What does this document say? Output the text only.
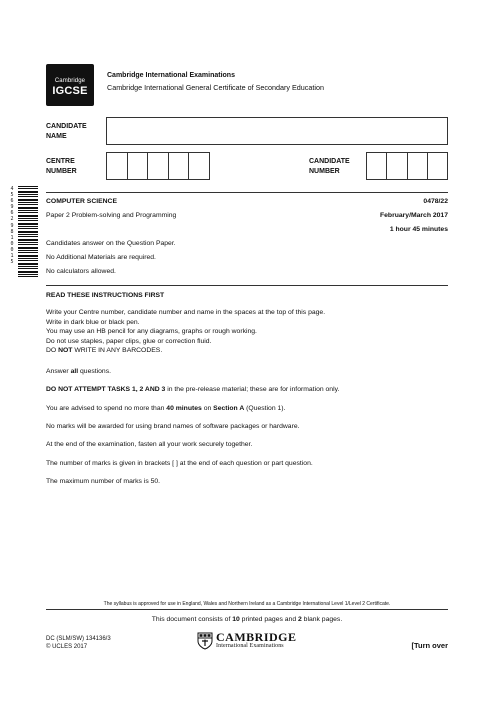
Cambridge
IGCSE
Cambridge International Examinations
Cambridge International General Certificate of Secondary Education
CANDIDATE
NAME
CENTRE
NUMBER
CANDIDATE
NUMBER
4 5 6 9 6 2 9 8 1 0 0 1 5
COMPUTER SCIENCE	0478/22
Paper 2 Problem-solving and Programming	February/March 2017
1 hour 45 minutes
Candidates answer on the Question Paper.
No Additional Materials are required.
No calculators allowed.
READ THESE INSTRUCTIONS FIRST
Write your Centre number, candidate number and name in the spaces at the top of this page.
Write in dark blue or black pen.
You may use an HB pencil for any diagrams, graphs or rough working.
Do not use staples, paper clips, glue or correction fluid.
DO NOT WRITE IN ANY BARCODES.
Answer all questions.
DO NOT ATTEMPT TASKS 1, 2 AND 3 in the pre-release material; these are for information only.
You are advised to spend no more than 40 minutes on Section A (Question 1).
No marks will be awarded for using brand names of software packages or hardware.
At the end of the examination, fasten all your work securely together.
The number of marks is given in brackets [ ] at the end of each question or part question.
The maximum number of marks is 50.
The syllabus is approved for use in England, Wales and Northern Ireland as a Cambridge International Level 1/Level 2 Certificate.
This document consists of 10 printed pages and 2 blank pages.
DC (SLM/SW) 134136/3
© UCLES 2017
CAMBRIDGE
International Examinations	[Turn over
